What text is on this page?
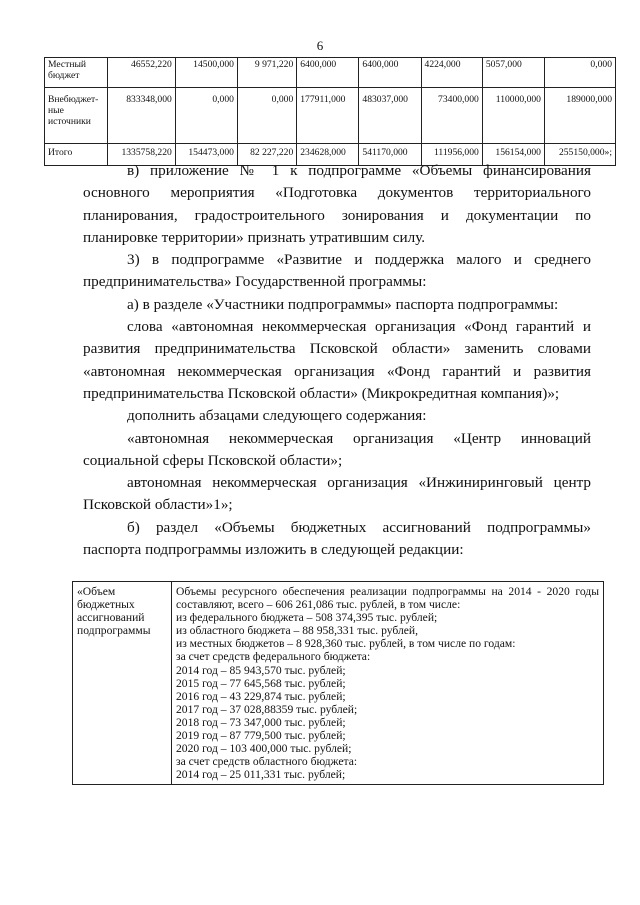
6
Местный бюджет	46552,220	14500,000	9 971,220	6400,000	6400,000	4224,000	5057,000	0,000
Внебюджет-ные источники	833348,000	0,000	0,000	177911,000	483037,000	73400,000	110000,000	189000,000
Итого	1335758,220	154473,000	82 227,220	234628,000	541170,000	111956,000	156154,000	255150,000»;

в) приложение № 1 к подпрограмме «Объемы финансирования основного мероприятия «Подготовка документов территориального планирования, градостроительного зонирования и документации по планировке территории» признать утратившим силу.

3) в подпрограмме «Развитие и поддержка малого и среднего предпринимательства» Государственной программы:

а) в разделе «Участники подпрограммы» паспорта подпрограммы:

слова «автономная некоммерческая организация «Фонд гарантий и развития предпринимательства Псковской области» заменить словами «автономная некоммерческая организация «Фонд гарантий и развития предпринимательства Псковской области» (Микрокредитная компания)»;

дополнить абзацами следующего содержания:

«автономная некоммерческая организация «Центр инноваций социальной сферы Псковской области»;

автономная некоммерческая организация «Инжиниринговый центр Псковской области»1»;

б) раздел «Объемы бюджетных ассигнований подпрограммы» паспорта подпрограммы изложить в следующей редакции:

«Объем бюджетных ассигнований подпрограммы	
Объемы ресурсного обеспечения реализации подпрограммы на 2014 - 2020 годы составляют, всего – 606 261,086 тыс. рублей, в том числе:
из федерального бюджета – 508 374,395 тыс. рублей;
из областного бюджета – 88 958,331 тыс. рублей,
из местных бюджетов – 8 928,360 тыс. рублей, в том числе по годам:
за счет средств федерального бюджета:
2014 год – 85 943,570 тыс. рублей;
2015 год – 77 645,568 тыс. рублей;
2016 год – 43 229,874 тыс. рублей;
2017 год – 37 028,88359 тыс. рублей;
2018 год – 73 347,000 тыс. рублей;
2019 год – 87 779,500 тыс. рублей;
2020 год – 103 400,000 тыс. рублей;
за счет средств областного бюджета:
2014 год – 25 011,331 тыс. рублей;
